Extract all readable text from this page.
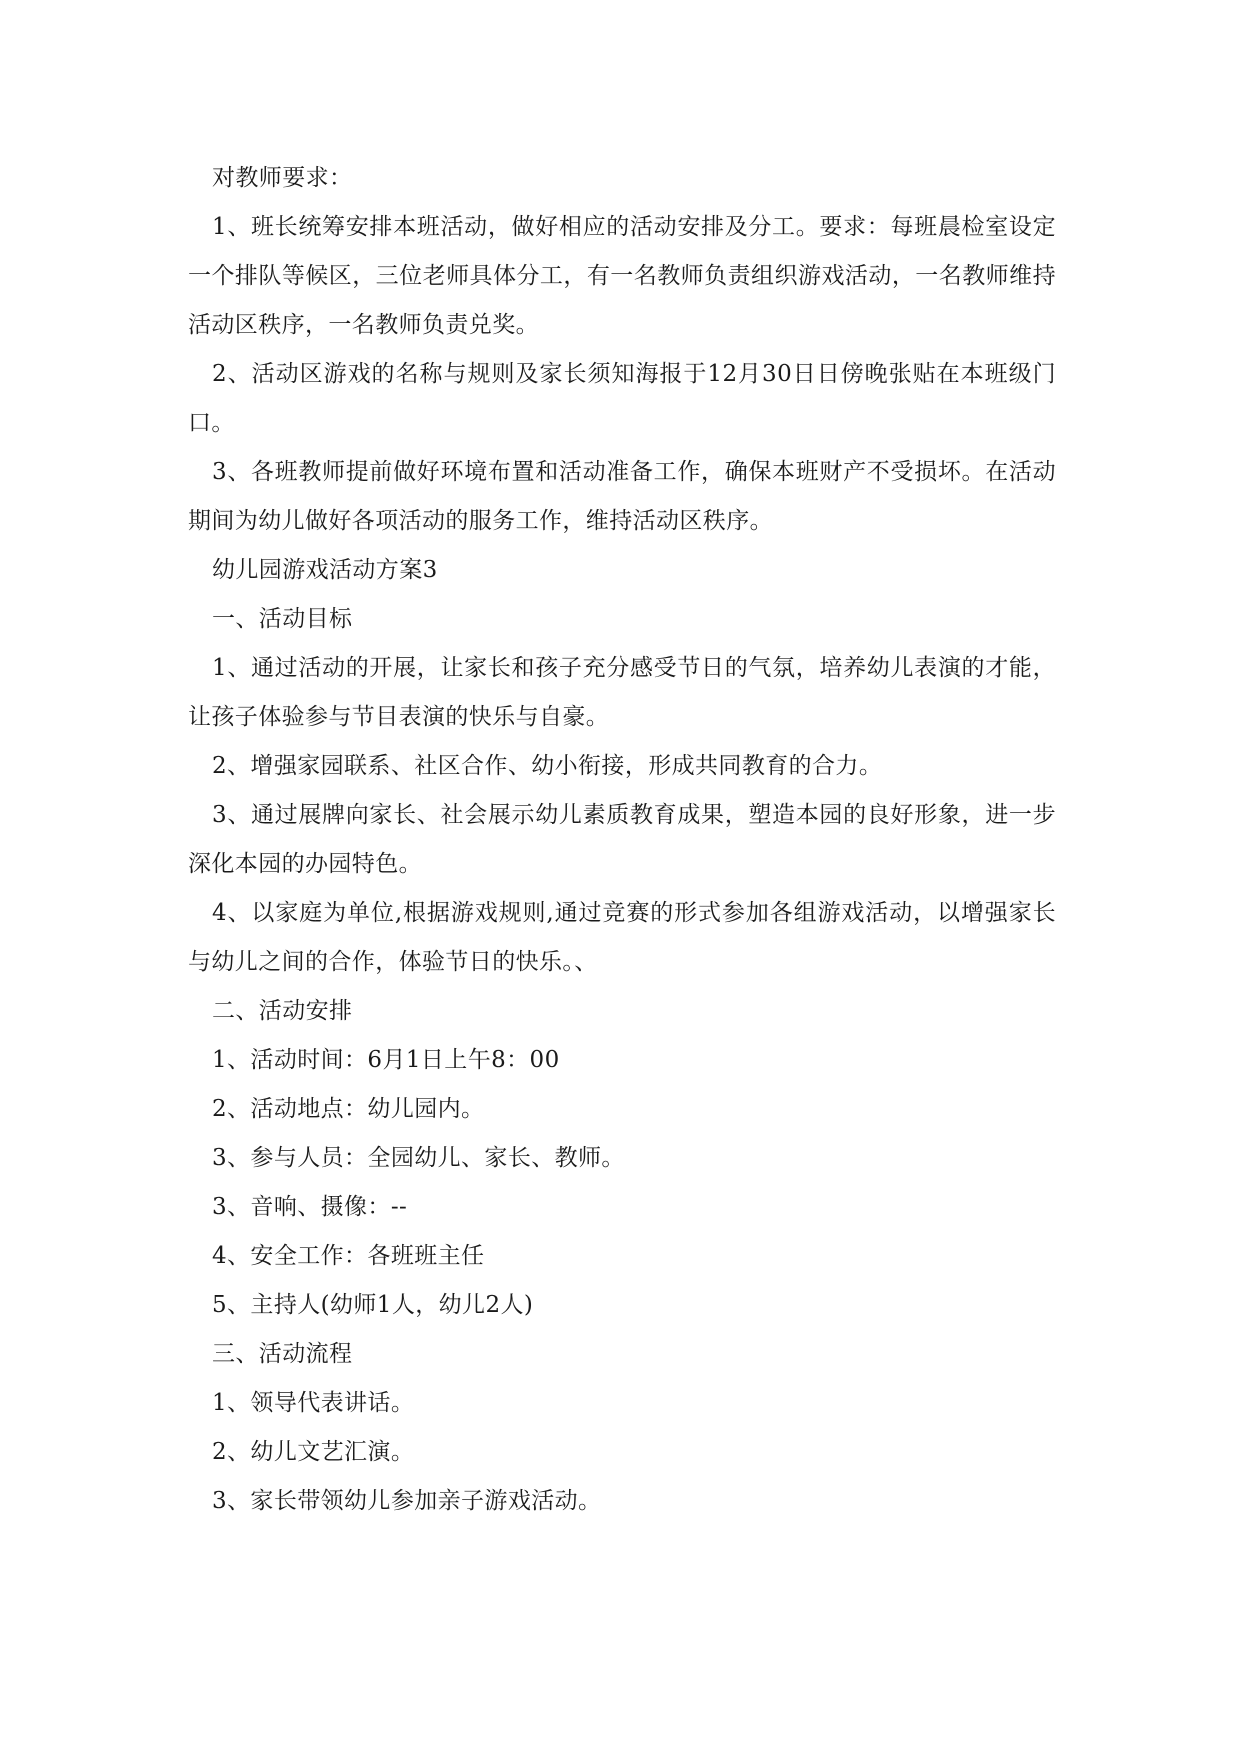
对教师要求：

1、班长统筹安排本班活动，做好相应的活动安排及分工。要求：每班晨检室设定一个排队等候区，三位老师具体分工，有一名教师负责组织游戏活动，一名教师维持活动区秩序，一名教师负责兑奖。

2、活动区游戏的名称与规则及家长须知海报于12月30日日傍晚张贴在本班级门口。

3、各班教师提前做好环境布置和活动准备工作，确保本班财产不受损坏。在活动期间为幼儿做好各项活动的服务工作，维持活动区秩序。

幼儿园游戏活动方案3

一、活动目标

1、通过活动的开展，让家长和孩子充分感受节日的气氛，培养幼儿表演的才能，让孩子体验参与节目表演的快乐与自豪。

2、增强家园联系、社区合作、幼小衔接，形成共同教育的合力。

3、通过展牌向家长、社会展示幼儿素质教育成果，塑造本园的良好形象，进一步深化本园的办园特色。

4、以家庭为单位,根据游戏规则,通过竞赛的形式参加各组游戏活动，以增强家长与幼儿之间的合作，体验节日的快乐。、

二、活动安排

1、活动时间：6月1日上午8：00

2、活动地点：幼儿园内。

3、参与人员：全园幼儿、家长、教师。

3、音响、摄像：--

4、安全工作：各班班主任

5、主持人(幼师1人，幼儿2人)

三、活动流程

1、领导代表讲话。

2、幼儿文艺汇演。

3、家长带领幼儿参加亲子游戏活动。
